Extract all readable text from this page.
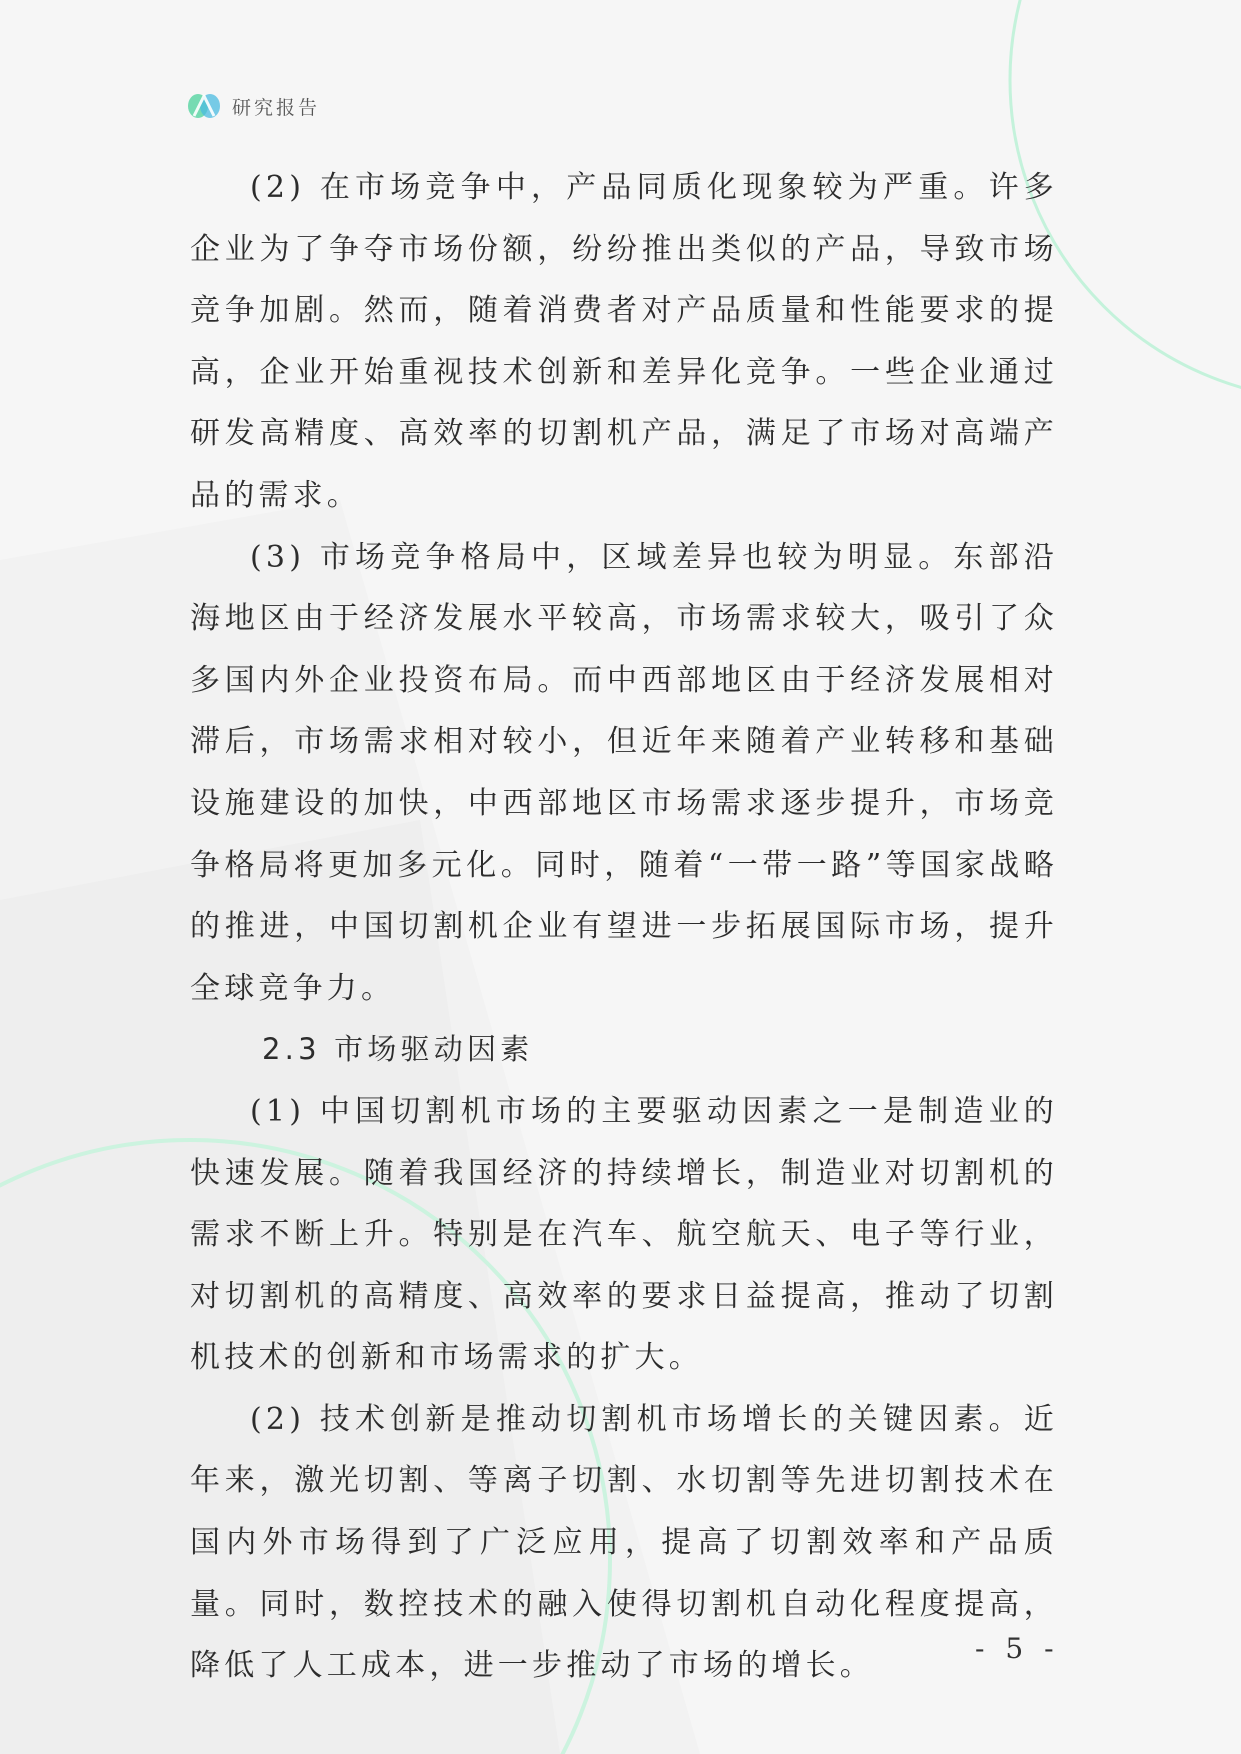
研究报告

(2) 在市场竞争中，产品同质化现象较为严重。许多企业为了争夺市场份额，纷纷推出类似的产品，导致市场竞争加剧。然而，随着消费者对产品质量和性能要求的提高，企业开始重视技术创新和差异化竞争。一些企业通过研发高精度、高效率的切割机产品，满足了市场对高端产品的需求。

(3) 市场竞争格局中，区域差异也较为明显。东部沿海地区由于经济发展水平较高，市场需求较大，吸引了众多国内外企业投资布局。而中西部地区由于经济发展相对滞后，市场需求相对较小，但近年来随着产业转移和基础设施建设的加快，中西部地区市场需求逐步提升，市场竞争格局将更加多元化。同时，随着“一带一路”等国家战略的推进，中国切割机企业有望进一步拓展国际市场，提升全球竞争力。

2.3 市场驱动因素

(1) 中国切割机市场的主要驱动因素之一是制造业的快速发展。随着我国经济的持续增长，制造业对切割机的需求不断上升。特别是在汽车、航空航天、电子等行业，对切割机的高精度、高效率的要求日益提高，推动了切割机技术的创新和市场需求的扩大。

(2) 技术创新是推动切割机市场增长的关键因素。近年来，激光切割、等离子切割、水切割等先进切割技术在国内外市场得到了广泛应用，提高了切割效率和产品质量。同时，数控技术的融入使得切割机自动化程度提高，降低了人工成本，进一步推动了市场的增长。	- 5 -
